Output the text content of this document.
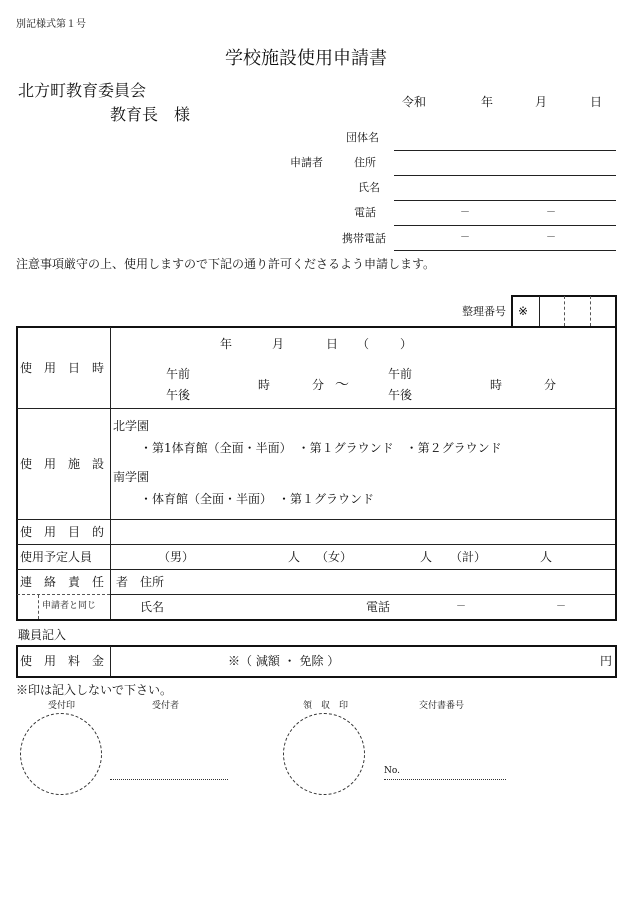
別記様式第１号
学校施設使用申請書
北方町教育委員会
教育長　様
令和	年	月	日
団体名
申請者	住所
氏名
電話	－	－
携帯電話	－	－
注意事項厳守の上、使用しますので下記の通り許可くださるよう申請します。
整理番号 ※
使　用　日　時
年	月	日 （	）
午前
午後
時	分 ～
午前
午後
時	分
使　用　施　設
北学園
・第1体育館（全面・半面）　・第１グラウンド　・第２グラウンド
南学園
・体育館（全面・半面）　・第１グラウンド
使　用　目　的
使用予定人員	（男）	人 （女）	人 （計）	人
連　絡　責　任　者
申請者と同じ
住所
氏名	電話	－	－
職員記入
使　用　料　金	※（ 減額 ・ 免除 ）	円
※印は記入しないで下さい。
受付印	受付者	領　収　印	交付書番号
No.
